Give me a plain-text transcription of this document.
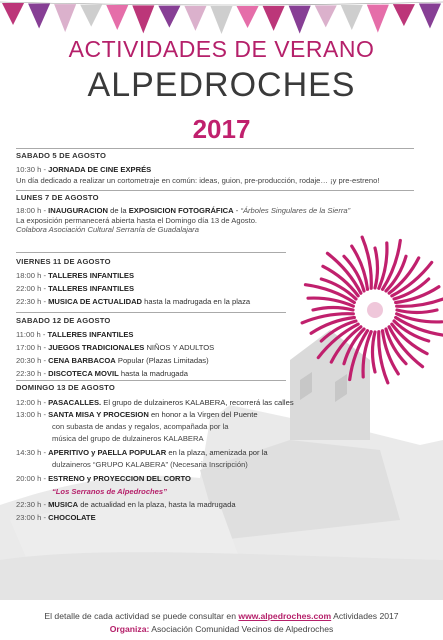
ACTIVIDADES DE VERANO
ALPEDROCHES
2017
SABADO 5 DE AGOSTO
10:30 h - JORNADA DE CINE EXPRÉS
Un día dedicado a realizar un cortometraje en común: ideas, guion, pre-producción, rodaje… ¡y pre-estreno!
LUNES 7 DE AGOSTO
18:00 h - INAUGURACION de la EXPOSICION FOTOGRÁFICA - “Árboles Singulares de la Sierra”
La exposición permanecerá abierta hasta el Domingo día 13 de Agosto.
Colabora Asociación Cultural Serranía de Guadalajara
VIERNES 11 DE AGOSTO
18:00 h - TALLERES INFANTILES
22:00 h - TALLERES INFANTILES
22:30 h - MUSICA DE ACTUALIDAD hasta la madrugada en la plaza
SABADO 12 DE AGOSTO
11:00 h - TALLERES INFANTILES
17:00 h - JUEGOS TRADICIONALES NIÑOS Y ADULTOS
20:30 h - CENA BARBACOA Popular (Plazas Limitadas)
22:30 h - DISCOTECA MOVIL hasta la madrugada
DOMINGO 13 DE AGOSTO
12:00 h - PASACALLES. El grupo de dulzaineros KALABERA, recorrerá las calles
13:00 h - SANTA MISA Y PROCESION en honor a la Virgen del Puente
con subasta de andas y regalos, acompañada por la
música del grupo de dulzaineros KALABERA
14:30 h - APERITIVO y PAELLA POPULAR en la plaza, amenizada por la
dulzaineros “GRUPO KALABERA” (Necesaria Inscripción)
20:00 h - ESTRENO y PROYECCION DEL CORTO
“Los Serranos de Alpedroches”
22:30 h - MUSICA de actualidad en la plaza, hasta la madrugada
23:00 h - CHOCOLATE
El detalle de cada actividad se puede consultar en www.alpedroches.com Actividades 2017
Organiza: Asociación Comunidad Vecinos de Alpedroches
